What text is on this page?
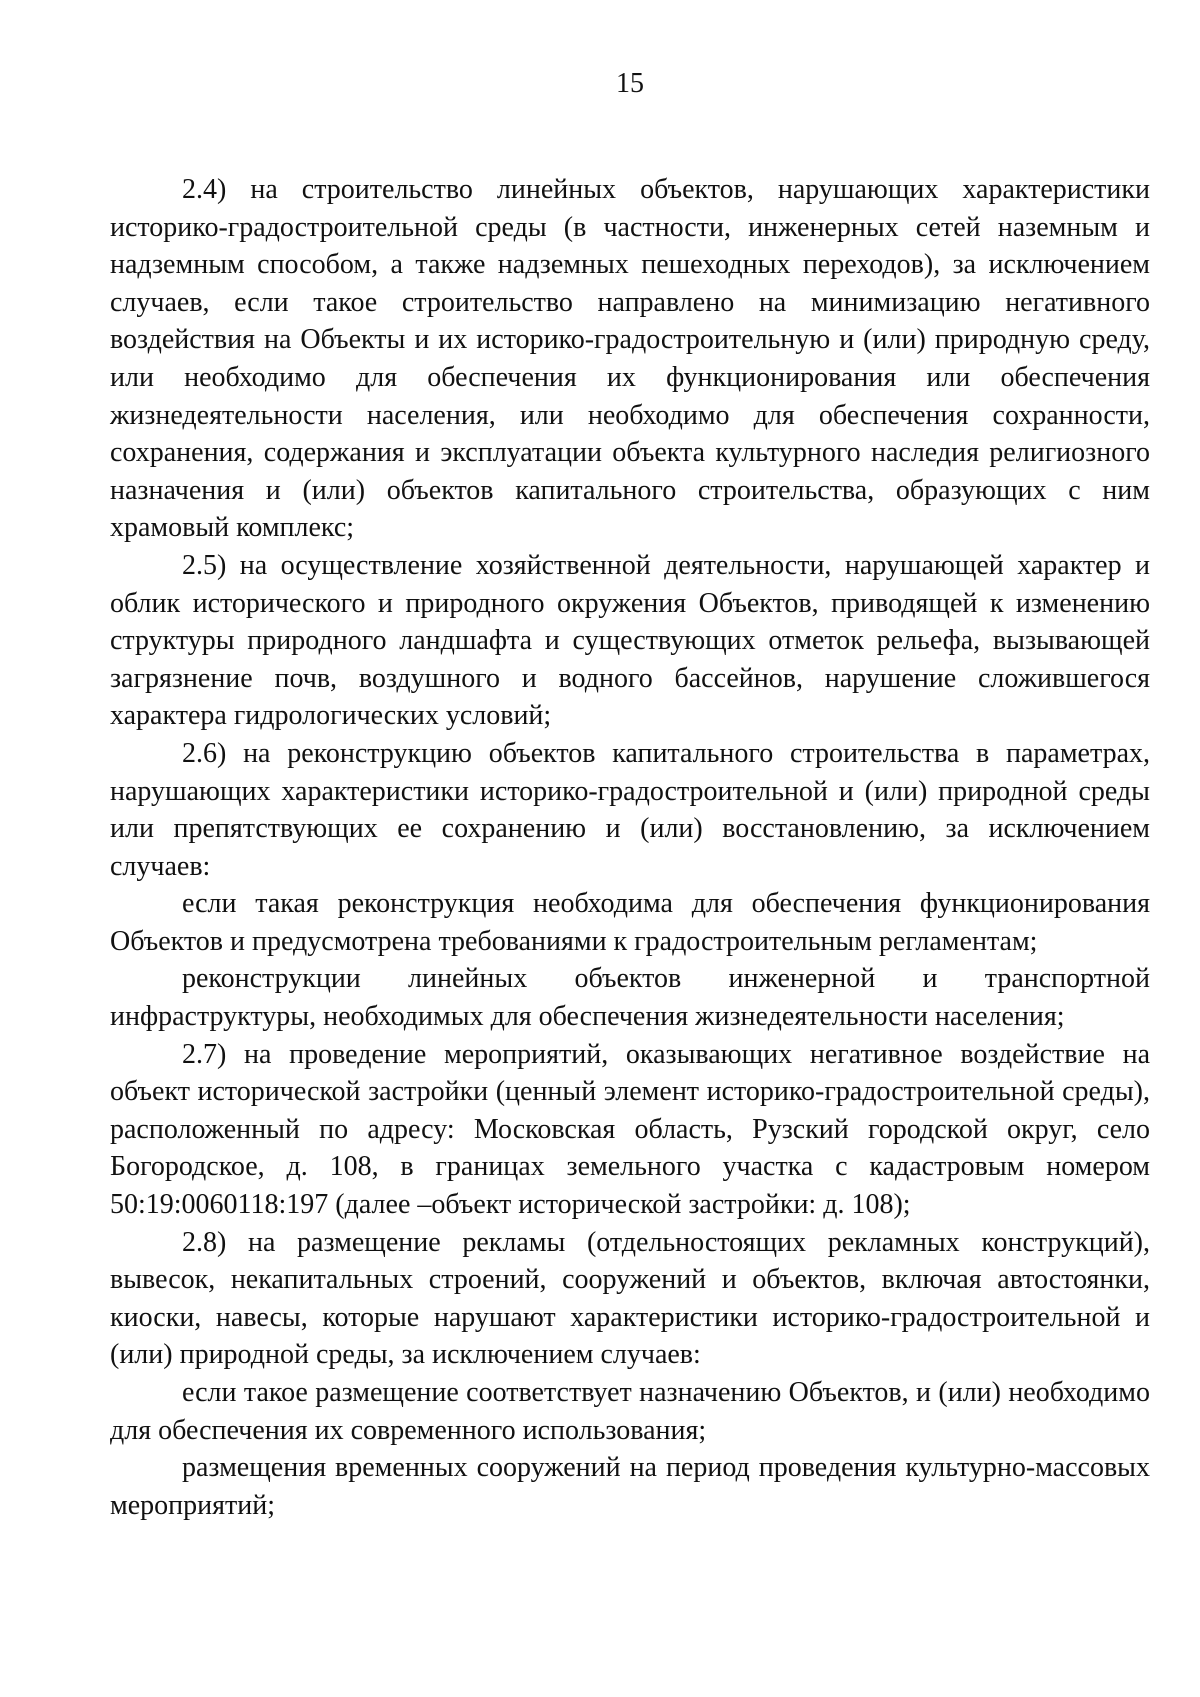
15

2.4) на строительство линейных объектов, нарушающих характеристики историко-градостроительной среды (в частности, инженерных сетей наземным и надземным способом, а также надземных пешеходных переходов), за исключением случаев, если такое строительство направлено на минимизацию негативного воздействия на Объекты и их историко-градостроительную и (или) природную среду, или необходимо для обеспечения их функционирования или обеспечения жизнедеятельности населения, или необходимо для обеспечения сохранности, сохранения, содержания и эксплуатации объекта культурного наследия религиозного назначения и (или) объектов капитального строительства, образующих с ним храмовый комплекс;

2.5) на осуществление хозяйственной деятельности, нарушающей характер и облик исторического и природного окружения Объектов, приводящей к изменению структуры природного ландшафта и существующих отметок рельефа, вызывающей загрязнение почв, воздушного и водного бассейнов, нарушение сложившегося характера гидрологических условий;

2.6) на реконструкцию объектов капитального строительства в параметрах, нарушающих характеристики историко-градостроительной и (или) природной среды или препятствующих ее сохранению и (или) восстановлению, за исключением случаев:

если такая реконструкция необходима для обеспечения функционирования Объектов и предусмотрена требованиями к градостроительным регламентам;

реконструкции линейных объектов инженерной и транспортной инфраструктуры, необходимых для обеспечения жизнедеятельности населения;

2.7) на проведение мероприятий, оказывающих негативное воздействие на объект исторической застройки (ценный элемент историко-градостроительной среды), расположенный по адресу: Московская область, Рузский городской округ, село Богородское, д. 108, в границах земельного участка с кадастровым номером 50:19:0060118:197 (далее –объект исторической застройки: д. 108);

2.8) на размещение рекламы (отдельностоящих рекламных конструкций), вывесок, некапитальных строений, сооружений и объектов, включая автостоянки, киоски, навесы, которые нарушают характеристики историко-градостроительной и (или) природной среды, за исключением случаев:

если такое размещение соответствует назначению Объектов, и (или) необходимо для обеспечения их современного использования;

размещения временных сооружений на период проведения культурно-массовых мероприятий;
